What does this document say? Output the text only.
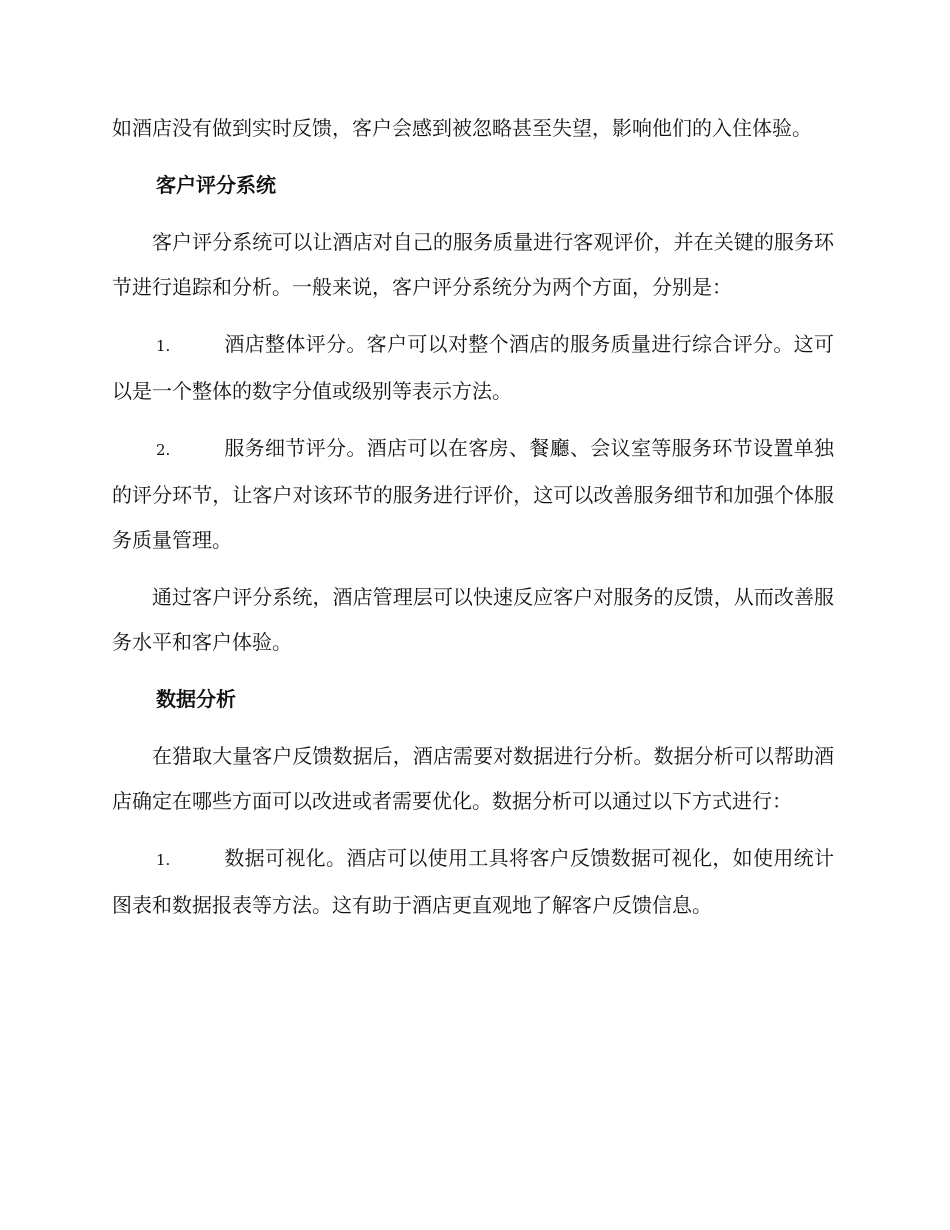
如酒店没有做到实时反馈，客户会感到被忽略甚至失望，影响他们的入住体验。

客户评分系统

客户评分系统可以让酒店对自己的服务质量进行客观评价，并在关键的服务环节进行追踪和分析。一般来说，客户评分系统分为两个方面，分别是：

1.	酒店整体评分。客户可以对整个酒店的服务质量进行综合评分。这可以是一个整体的数字分值或级别等表示方法。
2.	服务细节评分。酒店可以在客房、餐廳、会议室等服务环节设置单独的评分环节，让客户对该环节的服务进行评价，这可以改善服务细节和加强个体服务质量管理。

通过客户评分系统，酒店管理层可以快速反应客户对服务的反馈，从而改善服务水平和客户体验。

数据分析

在猎取大量客户反馈数据后，酒店需要对数据进行分析。数据分析可以帮助酒店确定在哪些方面可以改进或者需要优化。数据分析可以通过以下方式进行：

1.	数据可视化。酒店可以使用工具将客户反馈数据可视化，如使用统计图表和数据报表等方法。这有助于酒店更直观地了解客户反馈信息。
